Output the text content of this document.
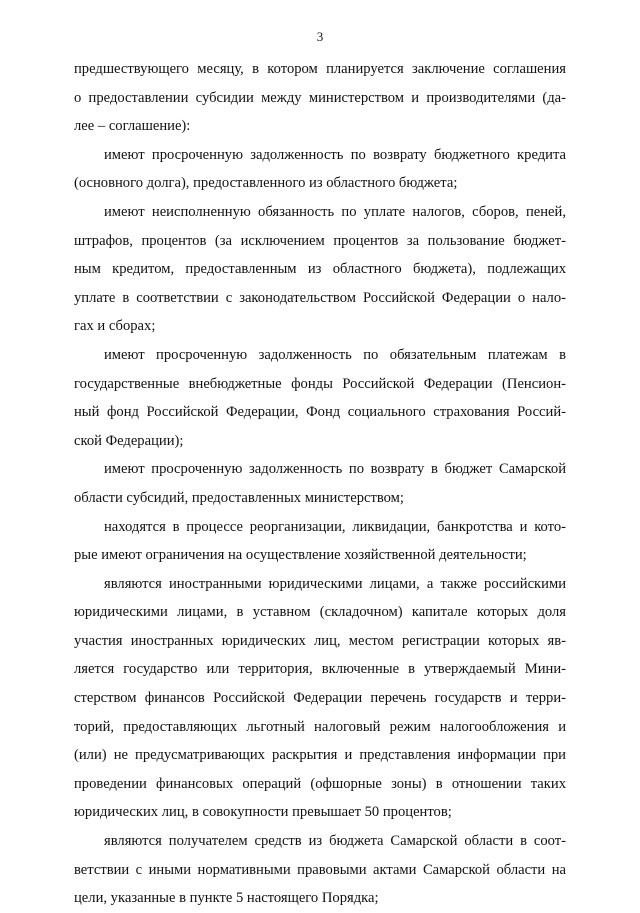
3
предшествующего месяцу, в котором планируется заключение соглашения
о предоставлении субсидии между министерством и производителями (да-
лее – соглашение):
имеют просроченную задолженность по возврату бюджетного кредита
(основного долга), предоставленного из областного бюджета;
имеют неисполненную обязанность по уплате налогов, сборов, пеней,
штрафов, процентов (за исключением процентов за пользование бюджет-
ным кредитом, предоставленным из областного бюджета), подлежащих
уплате в соответствии с законодательством Российской Федерации о нало-
гах и сборах;
имеют просроченную задолженность по обязательным платежам в
государственные внебюджетные фонды Российской Федерации (Пенсион-
ный фонд Российской Федерации, Фонд социального страхования Россий-
ской Федерации);
имеют просроченную задолженность по возврату в бюджет Самарской
области субсидий, предоставленных министерством;
находятся в процессе реорганизации, ликвидации, банкротства и кото-
рые имеют ограничения на осуществление хозяйственной деятельности;
являются иностранными юридическими лицами, а также российскими
юридическими лицами, в уставном (складочном) капитале которых доля
участия иностранных юридических лиц, местом регистрации которых яв-
ляется государство или территория, включенные в утверждаемый Мини-
стерством финансов Российской Федерации перечень государств и терри-
торий, предоставляющих льготный налоговый режим налогообложения и
(или) не предусматривающих раскрытия и представления информации при
проведении финансовых операций (офшорные зоны) в отношении таких
юридических лиц, в совокупности превышает 50 процентов;
являются получателем средств из бюджета Самарской области в соот-
ветствии с иными нормативными правовыми актами Самарской области на
цели, указанные в пункте 5 настоящего Порядка;
